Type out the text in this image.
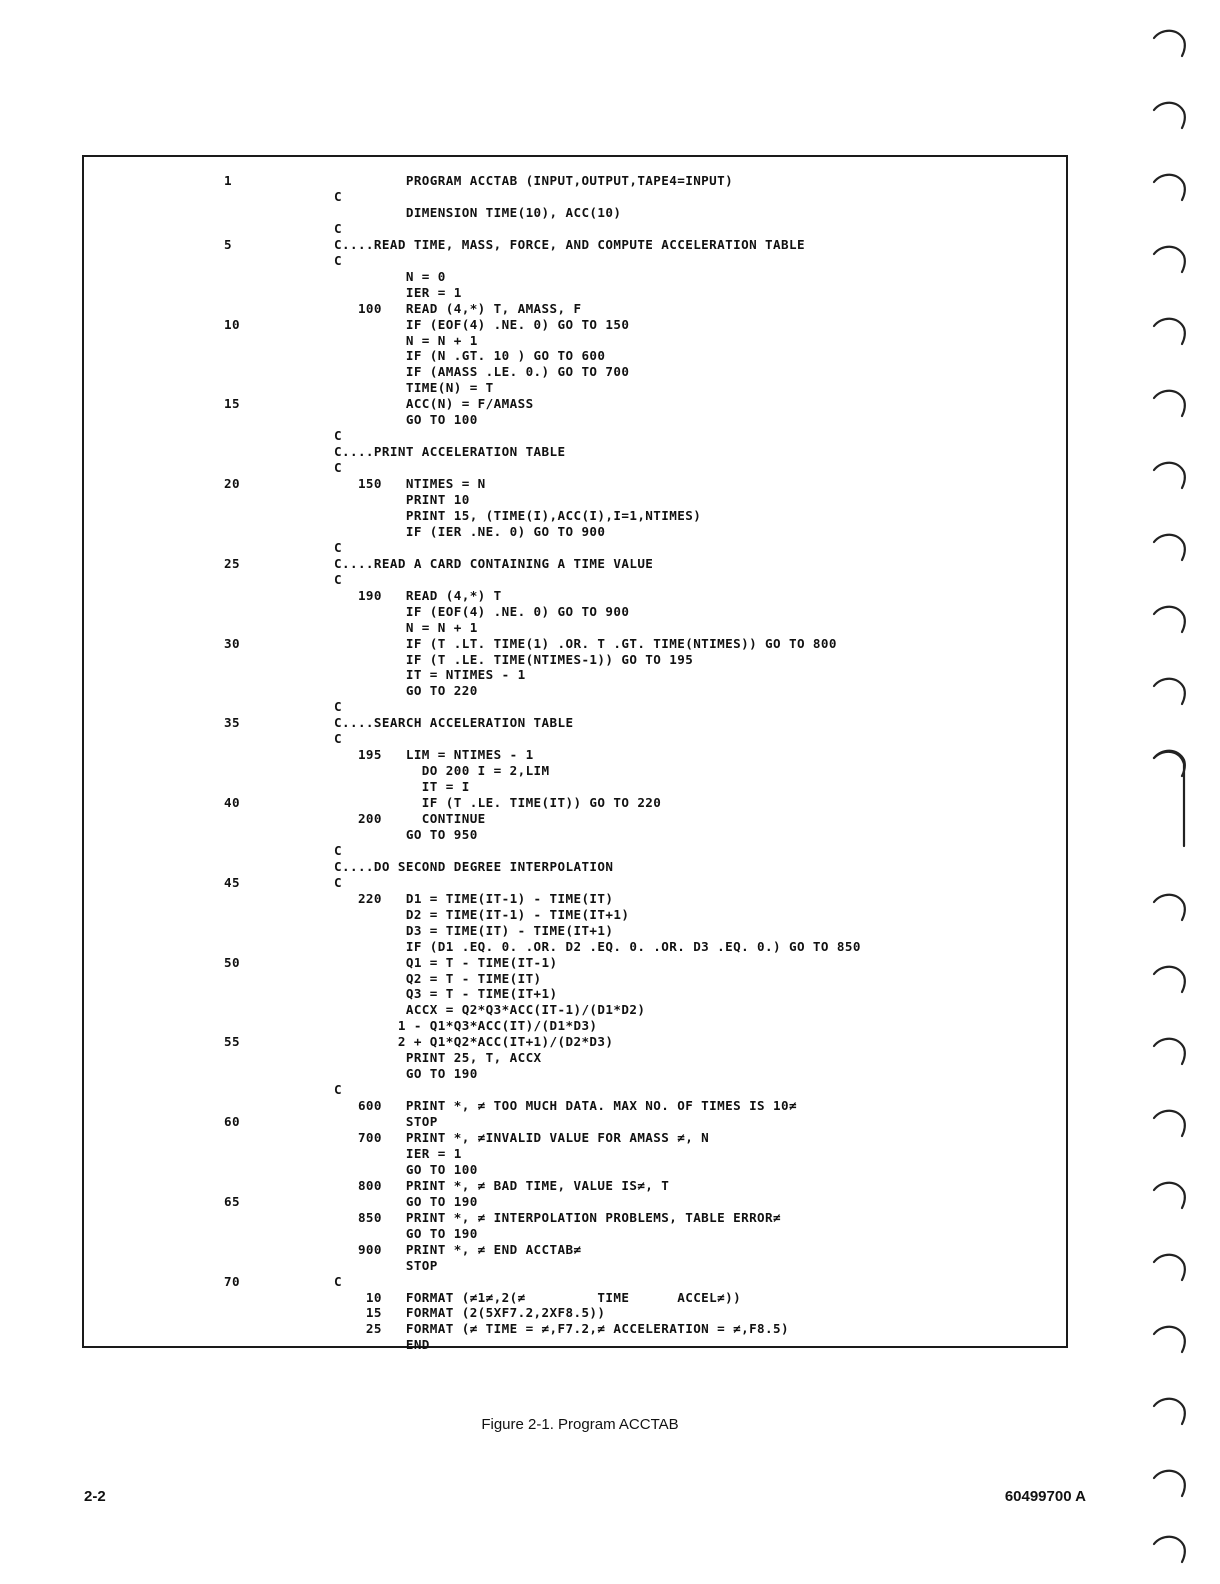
1	PROGRAM ACCTAB (INPUT,OUTPUT,TAPE4=INPUT)
C
DIMENSION TIME(10), ACC(10)
C
5	C....READ TIME, MASS, FORCE, AND COMPUTE ACCELERATION TABLE
C
N = 0
IER = 1
100   READ (4,*) T, AMASS, F
10	IF (EOF(4) .NE. 0) GO TO 150
N = N + 1
IF (N .GT. 10 ) GO TO 600
IF (AMASS .LE. 0.) GO TO 700
TIME(N) = T
15	ACC(N) = F/AMASS
GO TO 100
C
C....PRINT ACCELERATION TABLE
C
20	150   NTIMES = N
PRINT 10
PRINT 15, (TIME(I),ACC(I),I=1,NTIMES)
IF (IER .NE. 0) GO TO 900
C
25	C....READ A CARD CONTAINING A TIME VALUE
C
190   READ (4,*) T
IF (EOF(4) .NE. 0) GO TO 900
N = N + 1
30	IF (T .LT. TIME(1) .OR. T .GT. TIME(NTIMES)) GO TO 800
IF (T .LE. TIME(NTIMES-1)) GO TO 195
IT = NTIMES - 1
GO TO 220
C
35	C....SEARCH ACCELERATION TABLE
C
195   LIM = NTIMES - 1
DO 200 I = 2,LIM
IT = I
40	IF (T .LE. TIME(IT)) GO TO 220
200     CONTINUE
GO TO 950
C
C....DO SECOND DEGREE INTERPOLATION
45	C
220   D1 = TIME(IT-1) - TIME(IT)
D2 = TIME(IT-1) - TIME(IT+1)
D3 = TIME(IT) - TIME(IT+1)
IF (D1 .EQ. 0. .OR. D2 .EQ. 0. .OR. D3 .EQ. 0.) GO TO 850
50	Q1 = T - TIME(IT-1)
Q2 = T - TIME(IT)
Q3 = T - TIME(IT+1)
ACCX = Q2*Q3*ACC(IT-1)/(D1*D2)
1 - Q1*Q3*ACC(IT)/(D1*D3)
55	2 + Q1*Q2*ACC(IT+1)/(D2*D3)
PRINT 25, T, ACCX
GO TO 190
C
600   PRINT *, ≠ TOO MUCH DATA. MAX NO. OF TIMES IS 10≠
60	STOP
700   PRINT *, ≠INVALID VALUE FOR AMASS ≠, N
IER = 1
GO TO 100
800   PRINT *, ≠ BAD TIME, VALUE IS≠, T
65	GO TO 190
850   PRINT *, ≠ INTERPOLATION PROBLEMS, TABLE ERROR≠
GO TO 190
900   PRINT *, ≠ END ACCTAB≠
STOP
70	C
10   FORMAT (≠1≠,2(≠         TIME      ACCEL≠))
15   FORMAT (2(5XF7.2,2XF8.5))
25   FORMAT (≠ TIME = ≠,F7.2,≠ ACCELERATION = ≠,F8.5)
END
Figure 2-1. Program ACCTAB
2-2	60499700 A
